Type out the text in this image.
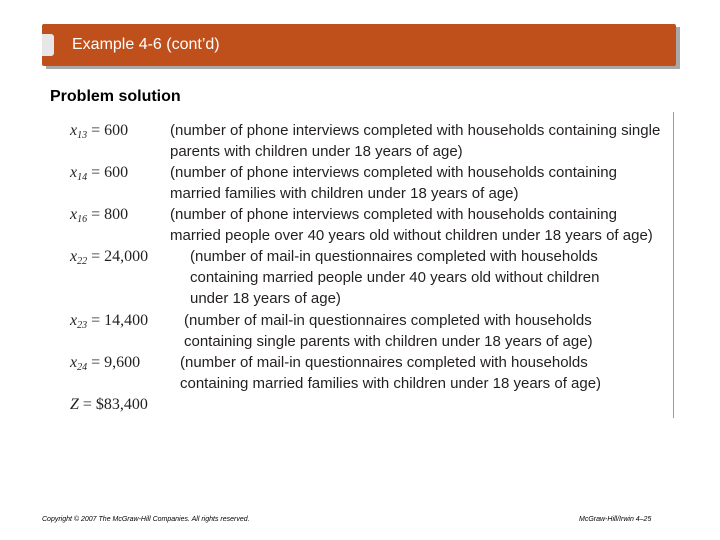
Example 4-6 (cont’d)
Problem solution
$x_{13} = 600$	(number of phone interviews completed with households containing single parents with children under 18 years of age)
$x_{14} = 600$	(number of phone interviews completed with households containing married families with children under 18 years of age)
$x_{16} = 800$	(number of phone interviews completed with households containing married people over 40 years old without children under 18 years of age)
$x_{22} = 24,000$	(number of mail-in questionnaires completed with households containing married people under 40 years old without children under 18 years of age)
$x_{23} = 14,400$ (number of mail-in questionnaires completed with households containing single parents with children under 18 years of age)
$x_{24} = 9,600$	(number of mail-in questionnaires completed with households containing married families with children under 18 years of age)
Z = $83,400
Copyright © 2007 The McGraw-Hill Companies. All rights reserved.	McGraw-Hill/Irwin 4–25
